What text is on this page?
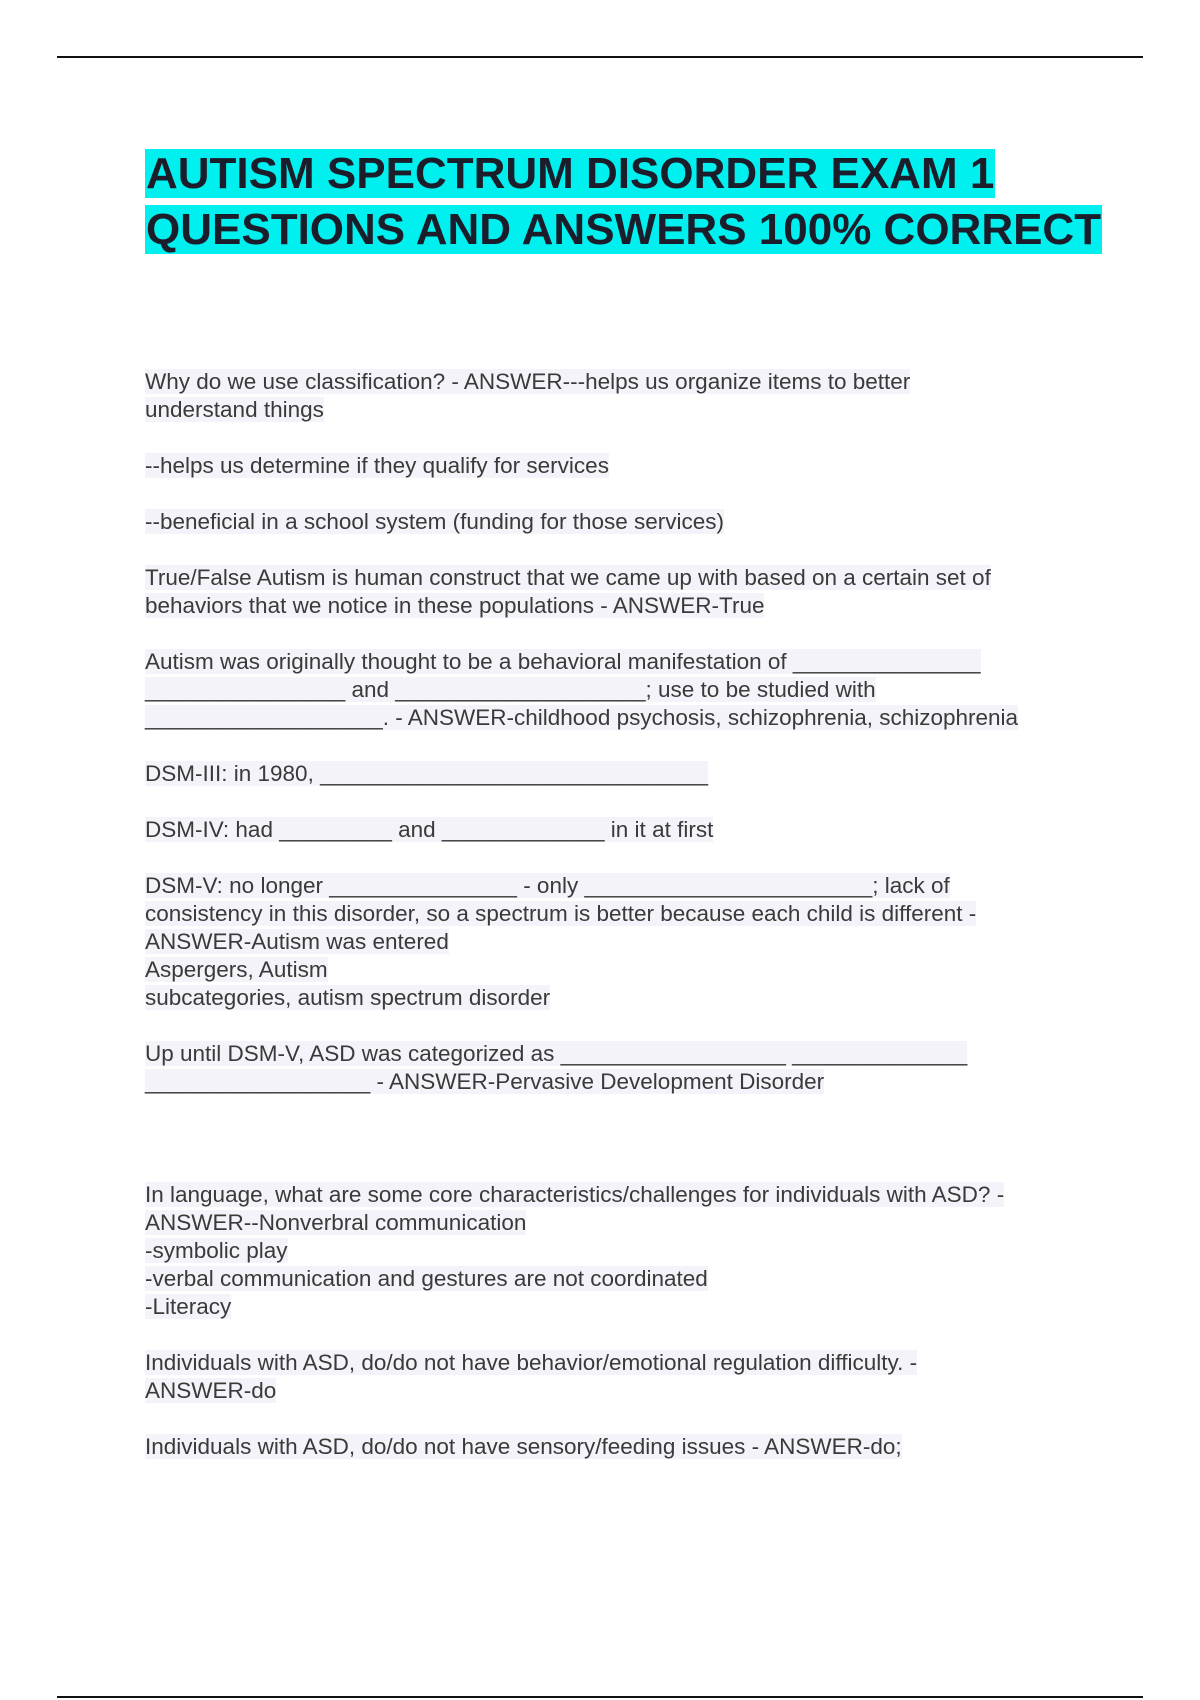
AUTISM SPECTRUM DISORDER EXAM 1 QUESTIONS AND ANSWERS 100% CORRECT

Why do we use classification? - ANSWER---helps us organize items to better
understand things

--helps us determine if they qualify for services

--beneficial in a school system (funding for those services)

True/False Autism is human construct that we came up with based on a certain set of
behaviors that we notice in these populations - ANSWER-True

Autism was originally thought to be a behavioral manifestation of _______________
________________ and ____________________; use to be studied with
___________________. - ANSWER-childhood psychosis, schizophrenia, schizophrenia

DSM-III: in 1980, _______________________________

DSM-IV: had _________ and _____________ in it at first

DSM-V: no longer _______________ - only _______________________; lack of
consistency in this disorder, so a spectrum is better because each child is different -
ANSWER-Autism was entered
Aspergers, Autism
subcategories, autism spectrum disorder

Up until DSM-V, ASD was categorized as __________________ ______________
__________________ - ANSWER-Pervasive Development Disorder

In language, what are some core characteristics/challenges for individuals with ASD? -
ANSWER--Nonverbral communication
-symbolic play
-verbal communication and gestures are not coordinated
-Literacy

Individuals with ASD, do/do not have behavior/emotional regulation difficulty. -
ANSWER-do

Individuals with ASD, do/do not have sensory/feeding issues - ANSWER-do;
